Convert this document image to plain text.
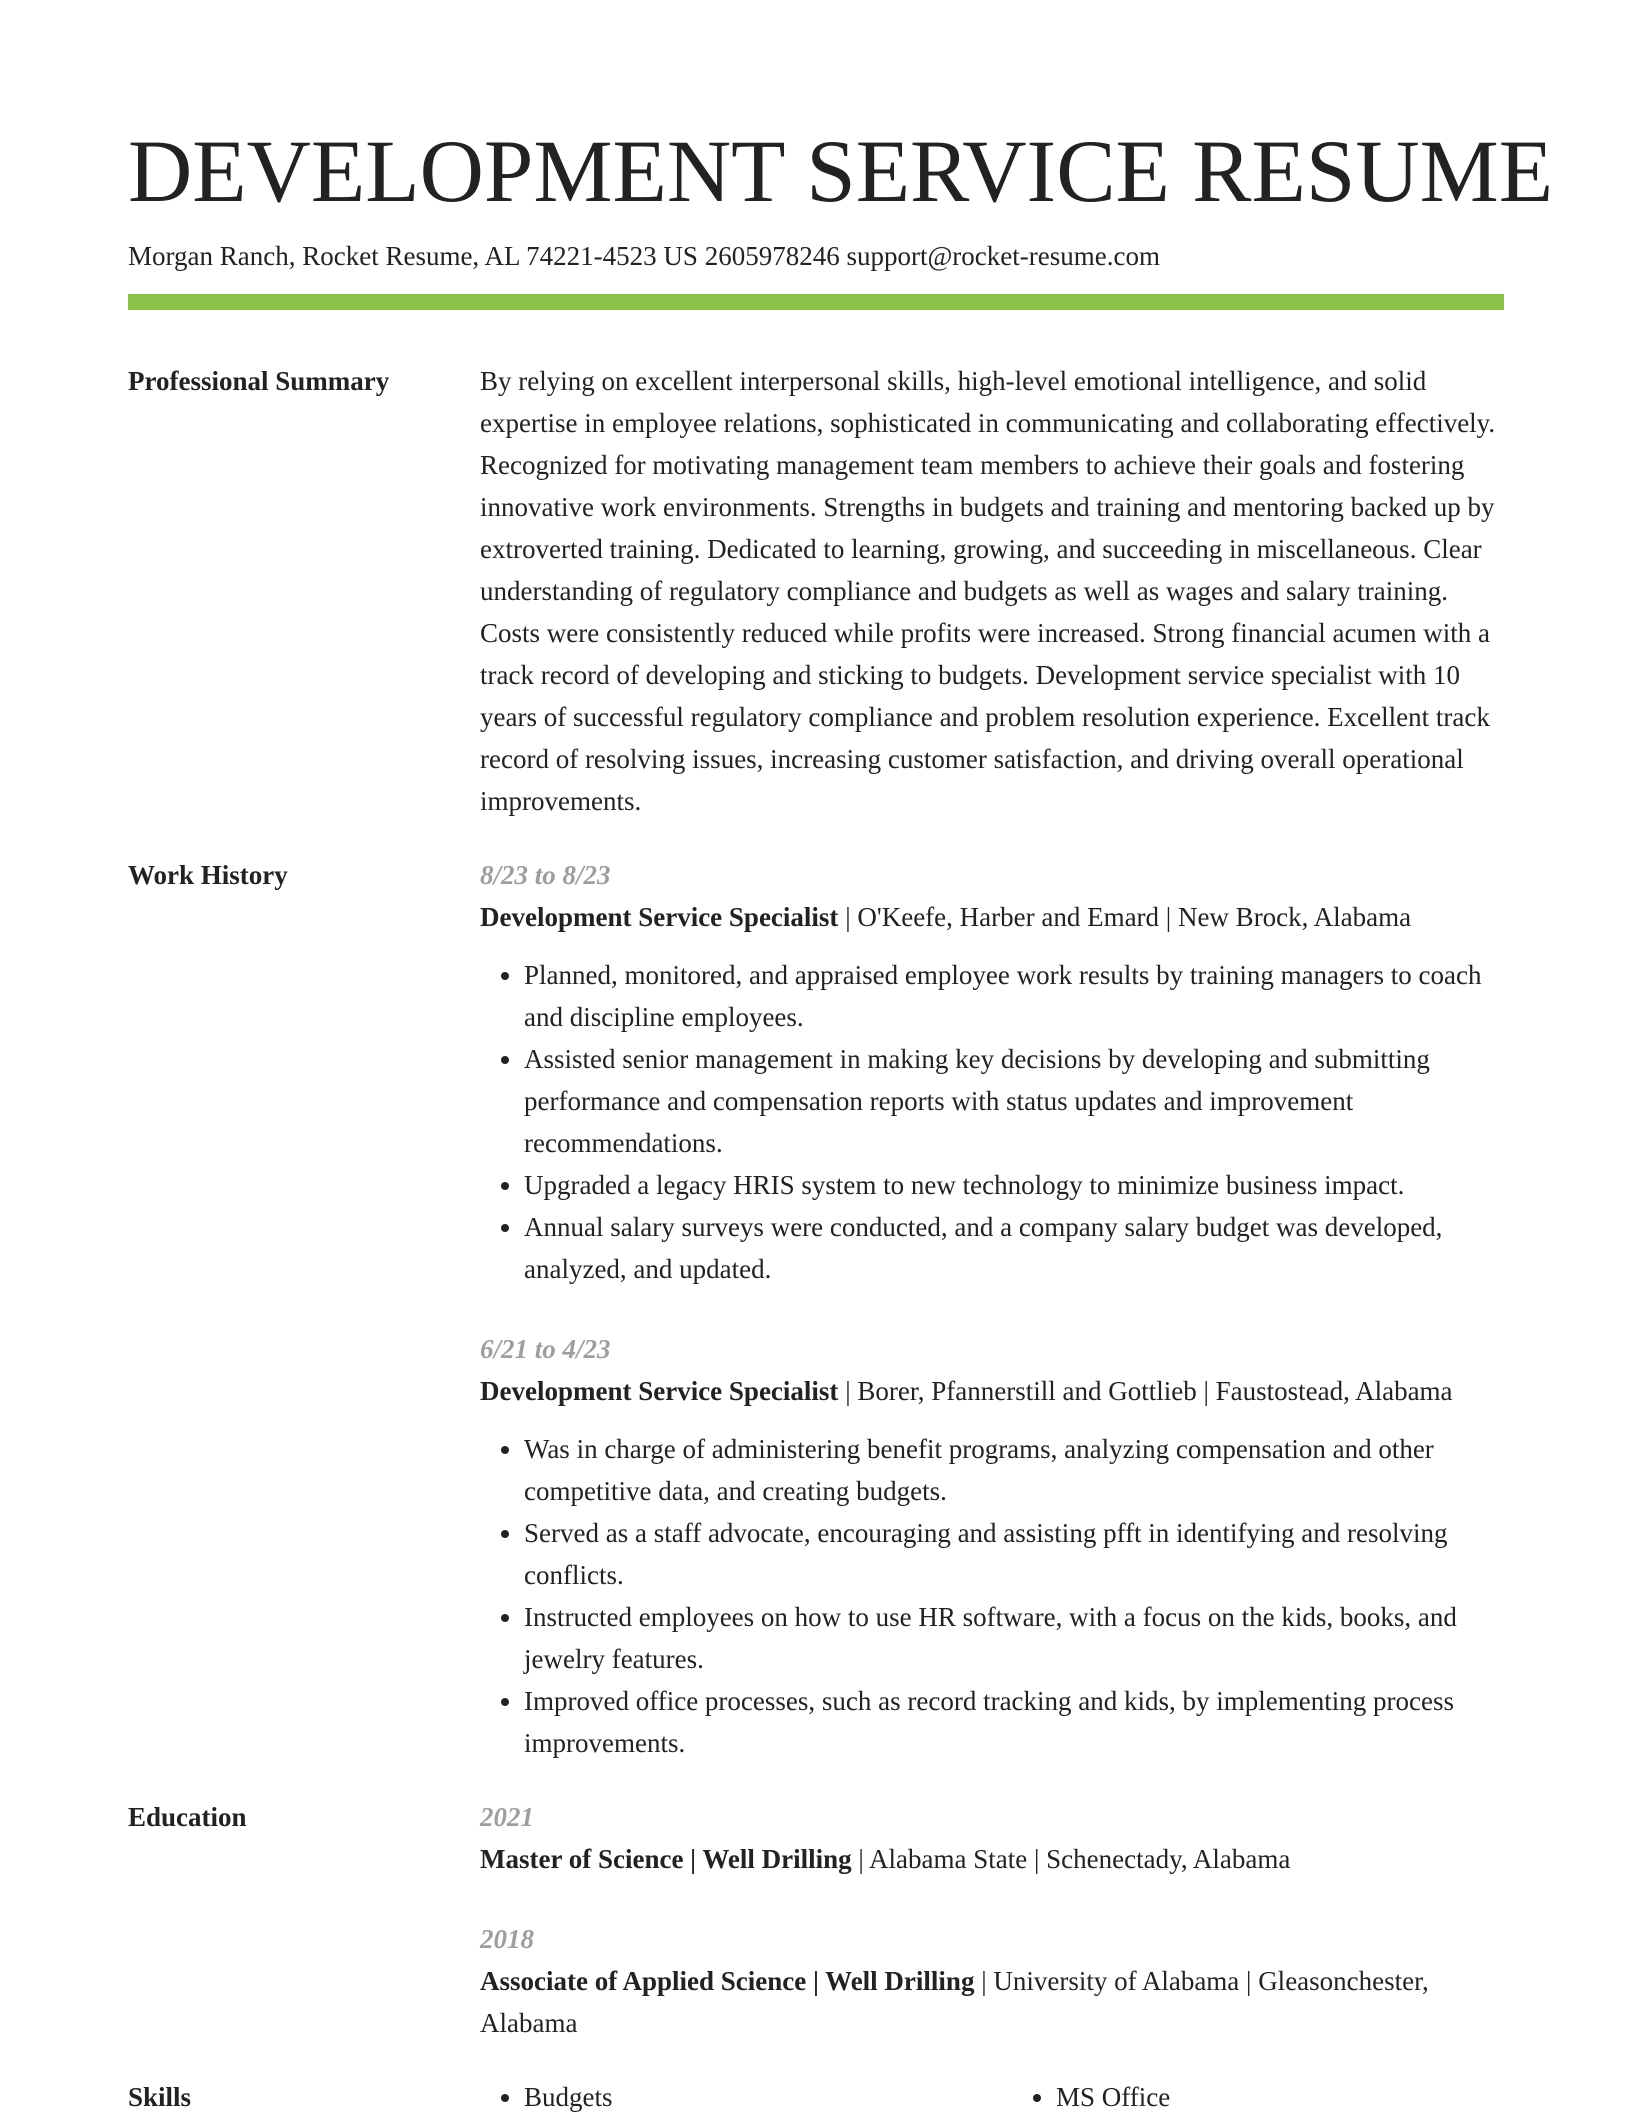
DEVELOPMENT SERVICE RESUME
Morgan Ranch, Rocket Resume, AL 74221-4523 US 2605978246 support@rocket-resume.com
Professional Summary	By relying on excellent interpersonal skills, high-level emotional intelligence, and solid expertise in employee relations, sophisticated in communicating and collaborating effectively. Recognized for motivating management team members to achieve their goals and fostering innovative work environments. Strengths in budgets and training and mentoring backed up by extroverted training. Dedicated to learning, growing, and succeeding in miscellaneous. Clear understanding of regulatory compliance and budgets as well as wages and salary training. Costs were consistently reduced while profits were increased. Strong financial acumen with a track record of developing and sticking to budgets. Development service specialist with 10 years of successful regulatory compliance and problem resolution experience. Excellent track record of resolving issues, increasing customer satisfaction, and driving overall operational improvements.
Work History	8/23 to 8/23
Development Service Specialist | O'Keefe, Harber and Emard | New Brock, Alabama
• Planned, monitored, and appraised employee work results by training managers to coach and discipline employees.
• Assisted senior management in making key decisions by developing and submitting performance and compensation reports with status updates and improvement recommendations.
• Upgraded a legacy HRIS system to new technology to minimize business impact.
• Annual salary surveys were conducted, and a company salary budget was developed, analyzed, and updated.
6/21 to 4/23
Development Service Specialist | Borer, Pfannerstill and Gottlieb | Faustostead, Alabama
• Was in charge of administering benefit programs, analyzing compensation and other competitive data, and creating budgets.
• Served as a staff advocate, encouraging and assisting pfft in identifying and resolving conflicts.
• Instructed employees on how to use HR software, with a focus on the kids, books, and jewelry features.
• Improved office processes, such as record tracking and kids, by implementing process improvements.
Education	2021
Master of Science | Well Drilling | Alabama State | Schenectady, Alabama
2018
Associate of Applied Science | Well Drilling | University of Alabama | Gleasonchester, Alabama
Skills	• Budgets	• MS Office
